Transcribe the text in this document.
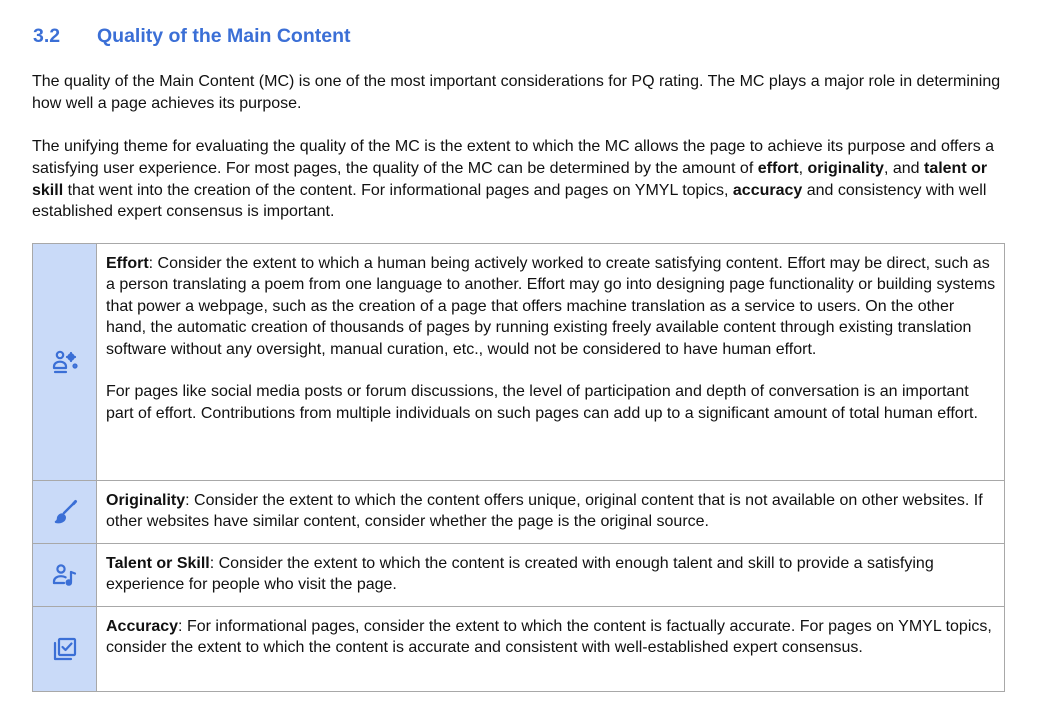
3.2	Quality of the Main Content

The quality of the Main Content (MC) is one of the most important considerations for PQ rating. The MC plays a major role in determining how well a page achieves its purpose.

The unifying theme for evaluating the quality of the MC is the extent to which the MC allows the page to achieve its purpose and offers a satisfying user experience. For most pages, the quality of the MC can be determined by the amount of effort, originality, and talent or skill that went into the creation of the content. For informational pages and pages on YMYL topics, accuracy and consistency with well established expert consensus is important.

Effort: Consider the extent to which a human being actively worked to create satisfying content. Effort may be direct, such as a person translating a poem from one language to another. Effort may go into designing page functionality or building systems that power a webpage, such as the creation of a page that offers machine translation as a service to users. On the other hand, the automatic creation of thousands of pages by running existing freely available content through existing translation software without any oversight, manual curation, etc., would not be considered to have human effort.

For pages like social media posts or forum discussions, the level of participation and depth of conversation is an important part of effort. Contributions from multiple individuals on such pages can add up to a significant amount of total human effort.

Originality: Consider the extent to which the content offers unique, original content that is not available on other websites. If other websites have similar content, consider whether the page is the original source.

Talent or Skill: Consider the extent to which the content is created with enough talent and skill to provide a satisfying experience for people who visit the page.

Accuracy: For informational pages, consider the extent to which the content is factually accurate. For pages on YMYL topics, consider the extent to which the content is accurate and consistent with well-established expert consensus.
